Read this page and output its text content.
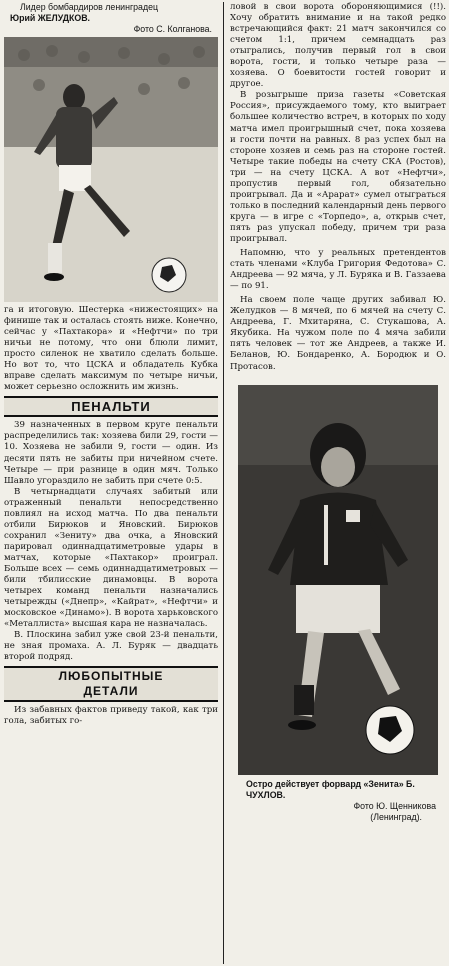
Лидер бомбардиров ленинградец

Юрий ЖЕЛУДКОВ.

Фото С. Колганова.

га и итоговую. Шестерка «нижестоящих» на финише так и осталась стоять ниже. Конечно, сейчас у «Пахтакора» и «Нефтчи» по три ничьи не потому, что они блюли лимит, просто силенок не хватило сделать больше. Но вот то, что ЦСКА и обладатель Кубка вправе сделать максимум по четыре ничьи, может серьезно осложнить им жизнь.

ПЕНАЛЬТИ

39 назначенных в первом круге пенальти распределились так: хозяева били 29, гости — 10. Хозяева не забили 9, гости — один. Из десяти пять не забиты при ничейном счете. Четыре — при разнице в один мяч. Только Шавло угораздило не забить при счете 0:5.

В четырнадцати случаях забитый или отраженный пенальти непосредственно повлиял на исход матча. По два пенальти отбили Бирюков и Яновский. Бирюков сохранил «Зениту» два очка, а Яновский парировал одиннадцатиметровые удары в матчах, которые «Пахтакор» проиграл. Больше всех — семь одиннадцатиметровых — били тбилисские динамовцы. В ворота четырех команд пенальти назначались четырежды («Днепр», «Кайрат», «Нефтчи» и московское «Динамо»). В ворота харьковского «Металлиста» высшая кара не назначалась.

В. Плоскина забил уже свой 23-й пенальти, не зная промаха. А. Л. Буряк — двадцать второй подряд.

ЛЮБОПЫТНЫЕ
ДЕТАЛИ

Из забавных фактов приведу такой, как три гола, забитых го-

ловой в свои ворота обороняющимися (!!). Хочу обратить внимание и на такой редко встречающийся факт: 21 матч закончился со счетом 1:1, причем семнадцать раз отыгрались, получив первый гол в свои ворота, гости, и только четыре раза — хозяева. О боевитости гостей говорит и другое.

В розыгрыше приза газеты «Советская Россия», присуждаемого тому, кто выиграет большее количество встреч, в которых по ходу матча имел проигрышный счет, пока хозяева и гости почти на равных. 8 раз успех был на стороне хозяев и семь раз на стороне гостей. Четыре такие победы на счету СКА (Ростов), три — на счету ЦСКА. А вот «Нефтчи», пропустив первый гол, обязательно проигрывал. Да и «Арарат» сумел отыграться только в последний календарный день первого круга — в игре с «Торпедо», а, открыв счет, пять раз упускал победу, причем три раза проигрывал.

Напомню, что у реальных претендентов стать членами «Клуба Григория Федотова» С. Андреева — 92 мяча, у Л. Буряка и В. Газзаева — по 91.

На своем поле чаще других забивал Ю. Желудков — 8 мячей, по 6 мячей на счету С. Андреева, Г. Мхитаряна, С. Стукашова, А. Якубика. На чужом поле по 4 мяча забили пять человек — тот же Андреев, а также И. Беланов, Ю. Бондаренко, А. Бородюк и О. Протасов.

Остро действует форвард «Зенита» Б. ЧУХЛОВ.

Фото Ю. Щенникова

(Ленинград).
